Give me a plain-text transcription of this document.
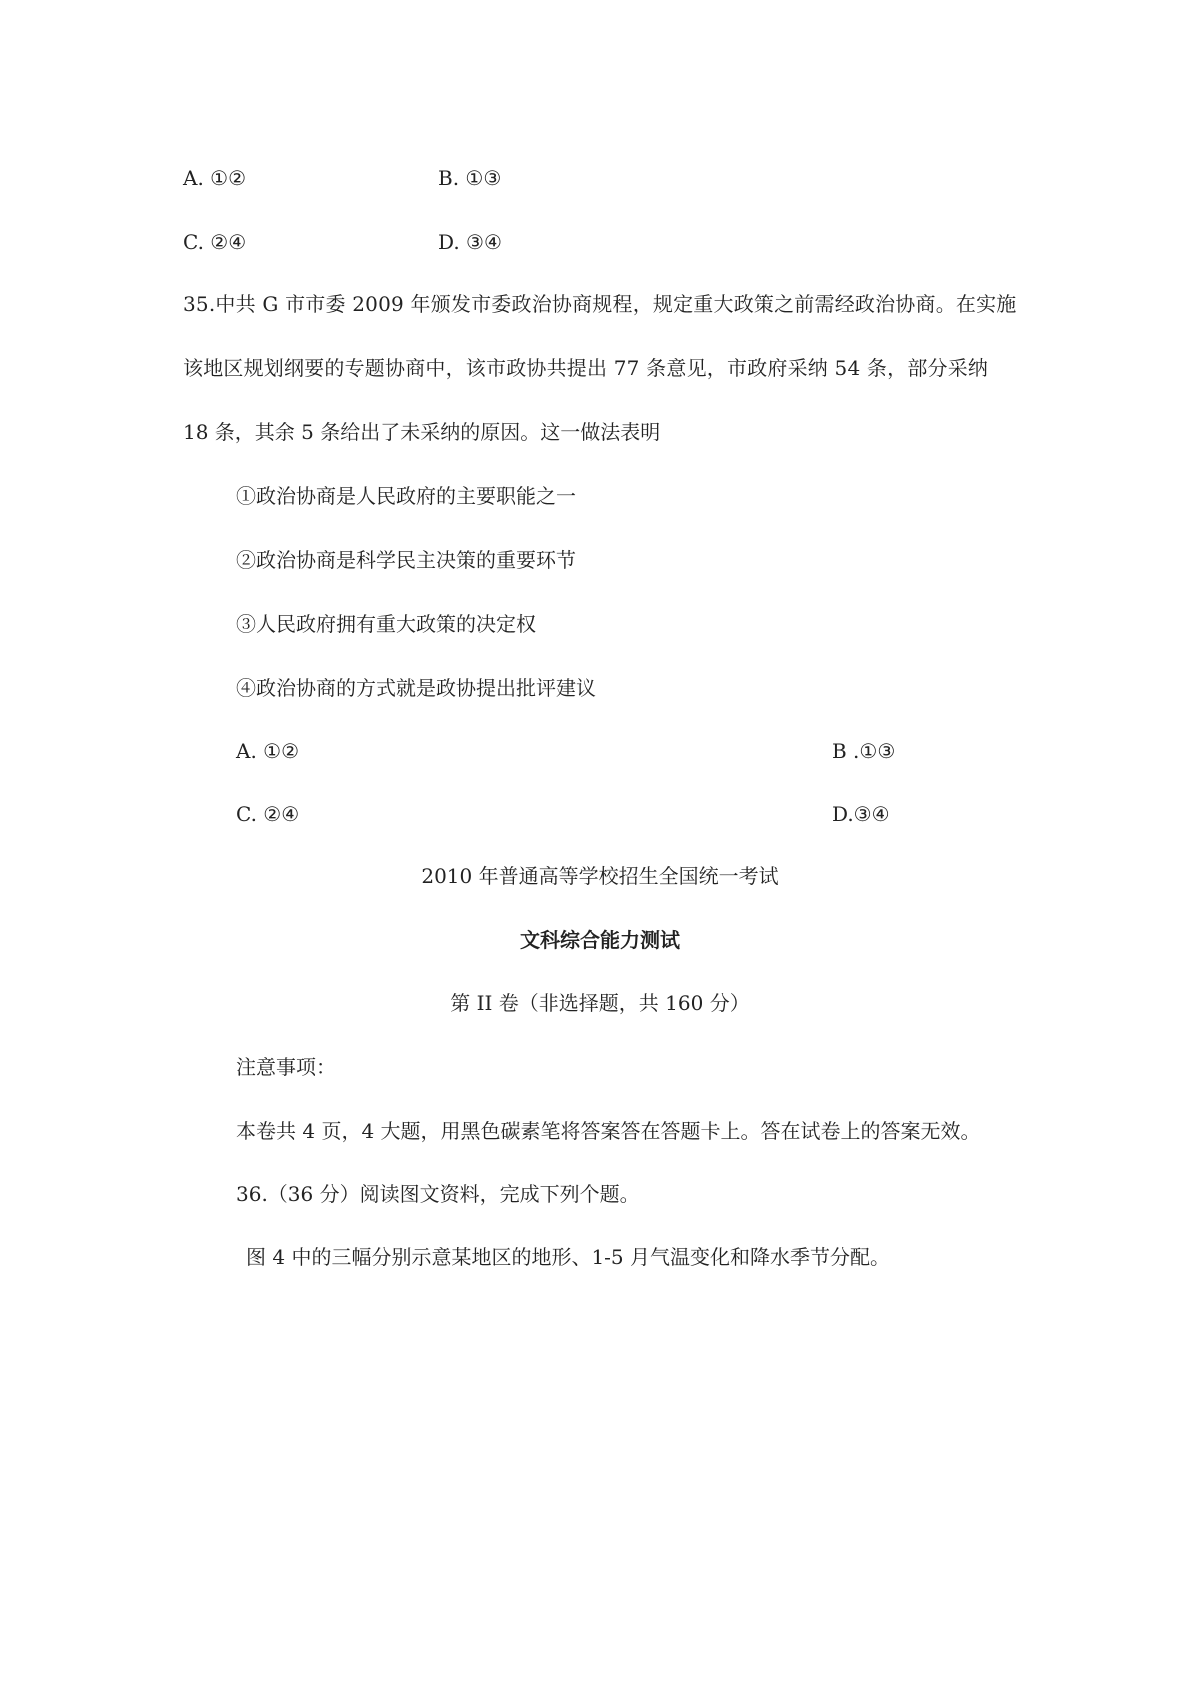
A. ①②	B. ①③
C. ②④	D. ③④
35.中共 G 市市委 2009 年颁发市委政治协商规程，规定重大政策之前需经政治协商。在实施
该地区规划纲要的专题协商中，该市政协共提出 77 条意见，市政府采纳 54 条，部分采纳
18 条，其余 5 条给出了未采纳的原因。这一做法表明
①政治协商是人民政府的主要职能之一
②政治协商是科学民主决策的重要环节
③人民政府拥有重大政策的决定权
④政治协商的方式就是政协提出批评建议
A. ①②	B .①③
C. ②④	D.③④
2010 年普通高等学校招生全国统一考试
文科综合能力测试
第 II 卷（非选择题，共 160 分）
注意事项：
本卷共 4 页，4 大题，用黑色碳素笔将答案答在答题卡上。答在试卷上的答案无效。
36.（36 分）阅读图文资料，完成下列个题。
图 4 中的三幅分别示意某地区的地形、1-5 月气温变化和降水季节分配。
